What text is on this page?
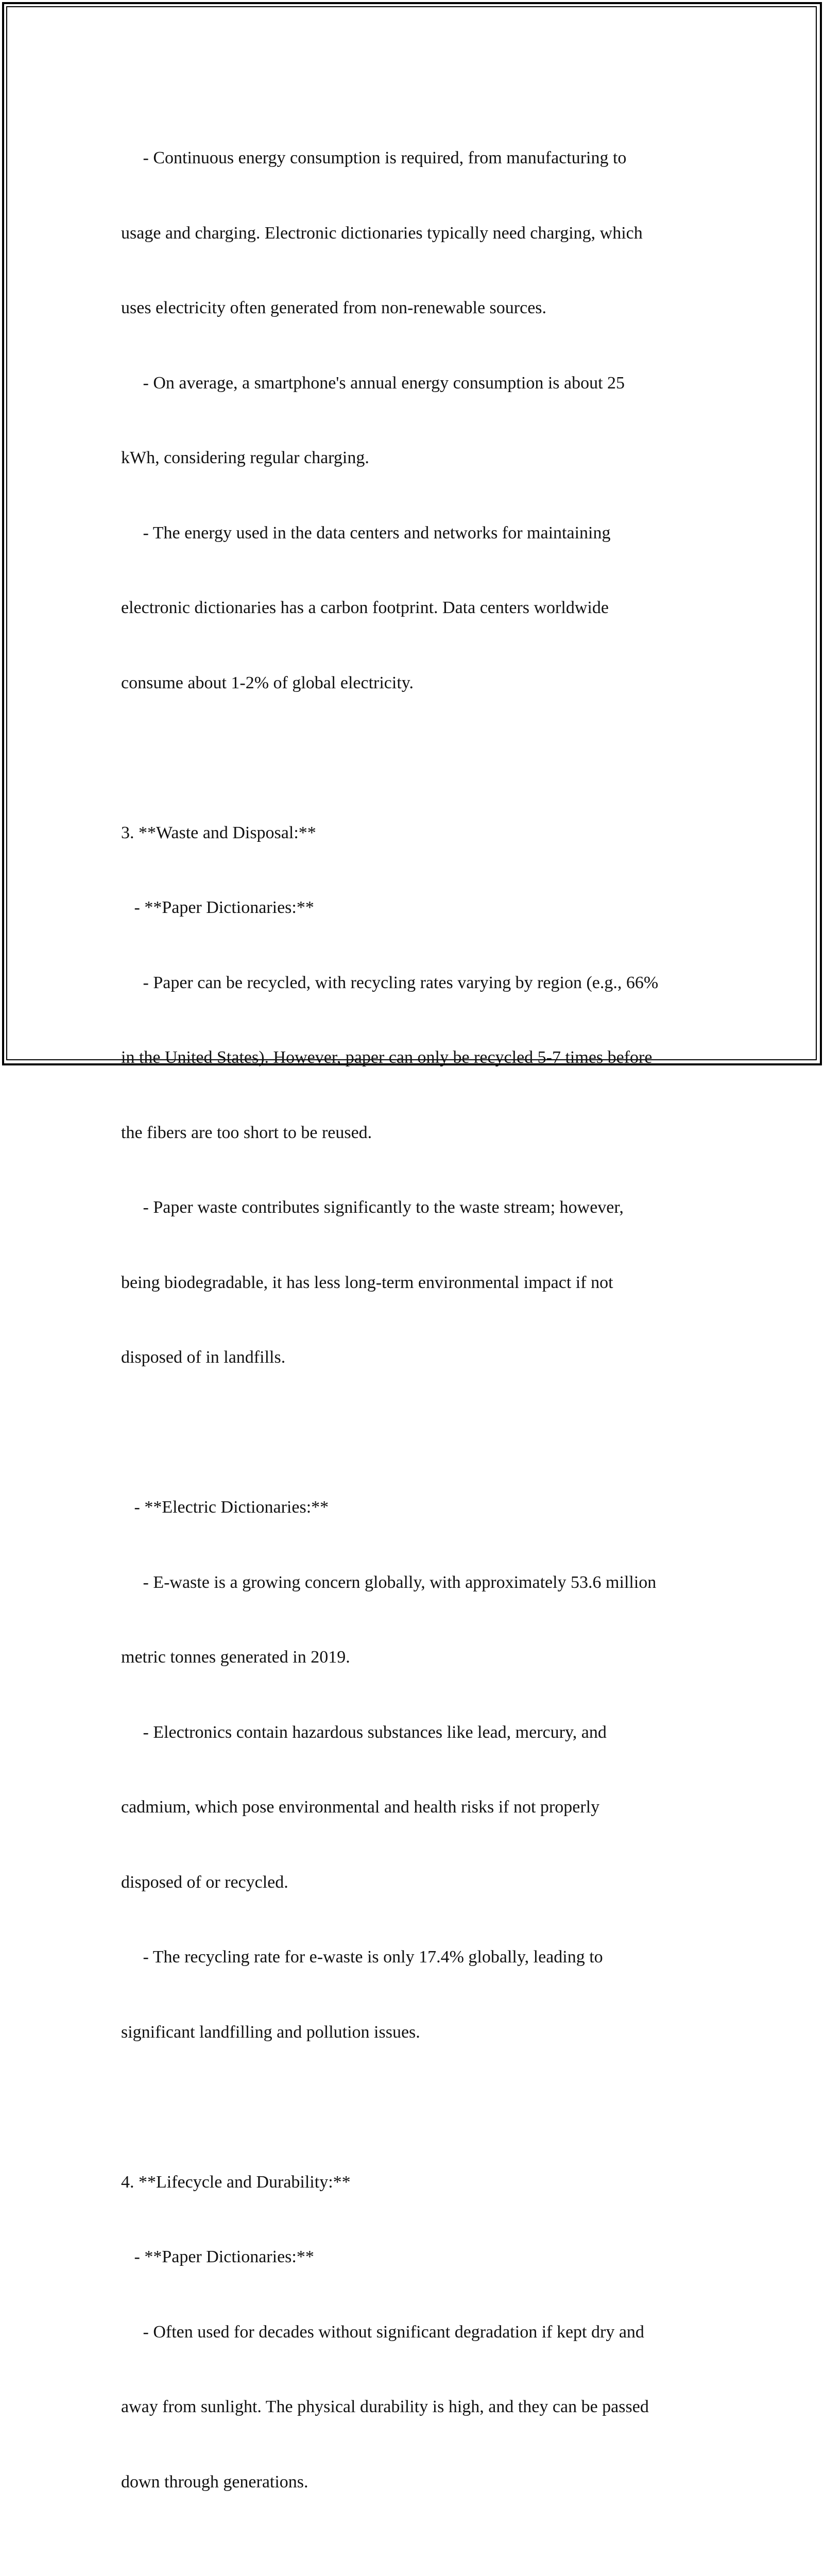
- Continuous energy consumption is required, from manufacturing to

usage and charging. Electronic dictionaries typically need charging, which

uses electricity often generated from non-renewable sources.

- On average, a smartphone's annual energy consumption is about 25

kWh, considering regular charging.

- The energy used in the data centers and networks for maintaining

electronic dictionaries has a carbon footprint. Data centers worldwide

consume about 1-2% of global electricity.

3. **Waste and Disposal:**

- **Paper Dictionaries:**

- Paper can be recycled, with recycling rates varying by region (e.g., 66%

in the United States). However, paper can only be recycled 5-7 times before

the fibers are too short to be reused.

- Paper waste contributes significantly to the waste stream; however,

being biodegradable, it has less long-term environmental impact if not

disposed of in landfills.

- **Electric Dictionaries:**

- E-waste is a growing concern globally, with approximately 53.6 million

metric tonnes generated in 2019.

- Electronics contain hazardous substances like lead, mercury, and

cadmium, which pose environmental and health risks if not properly

disposed of or recycled.

- The recycling rate for e-waste is only 17.4% globally, leading to

significant landfilling and pollution issues.

4. **Lifecycle and Durability:**

- **Paper Dictionaries:**

- Often used for decades without significant degradation if kept dry and

away from sunlight. The physical durability is high, and they can be passed

down through generations.
